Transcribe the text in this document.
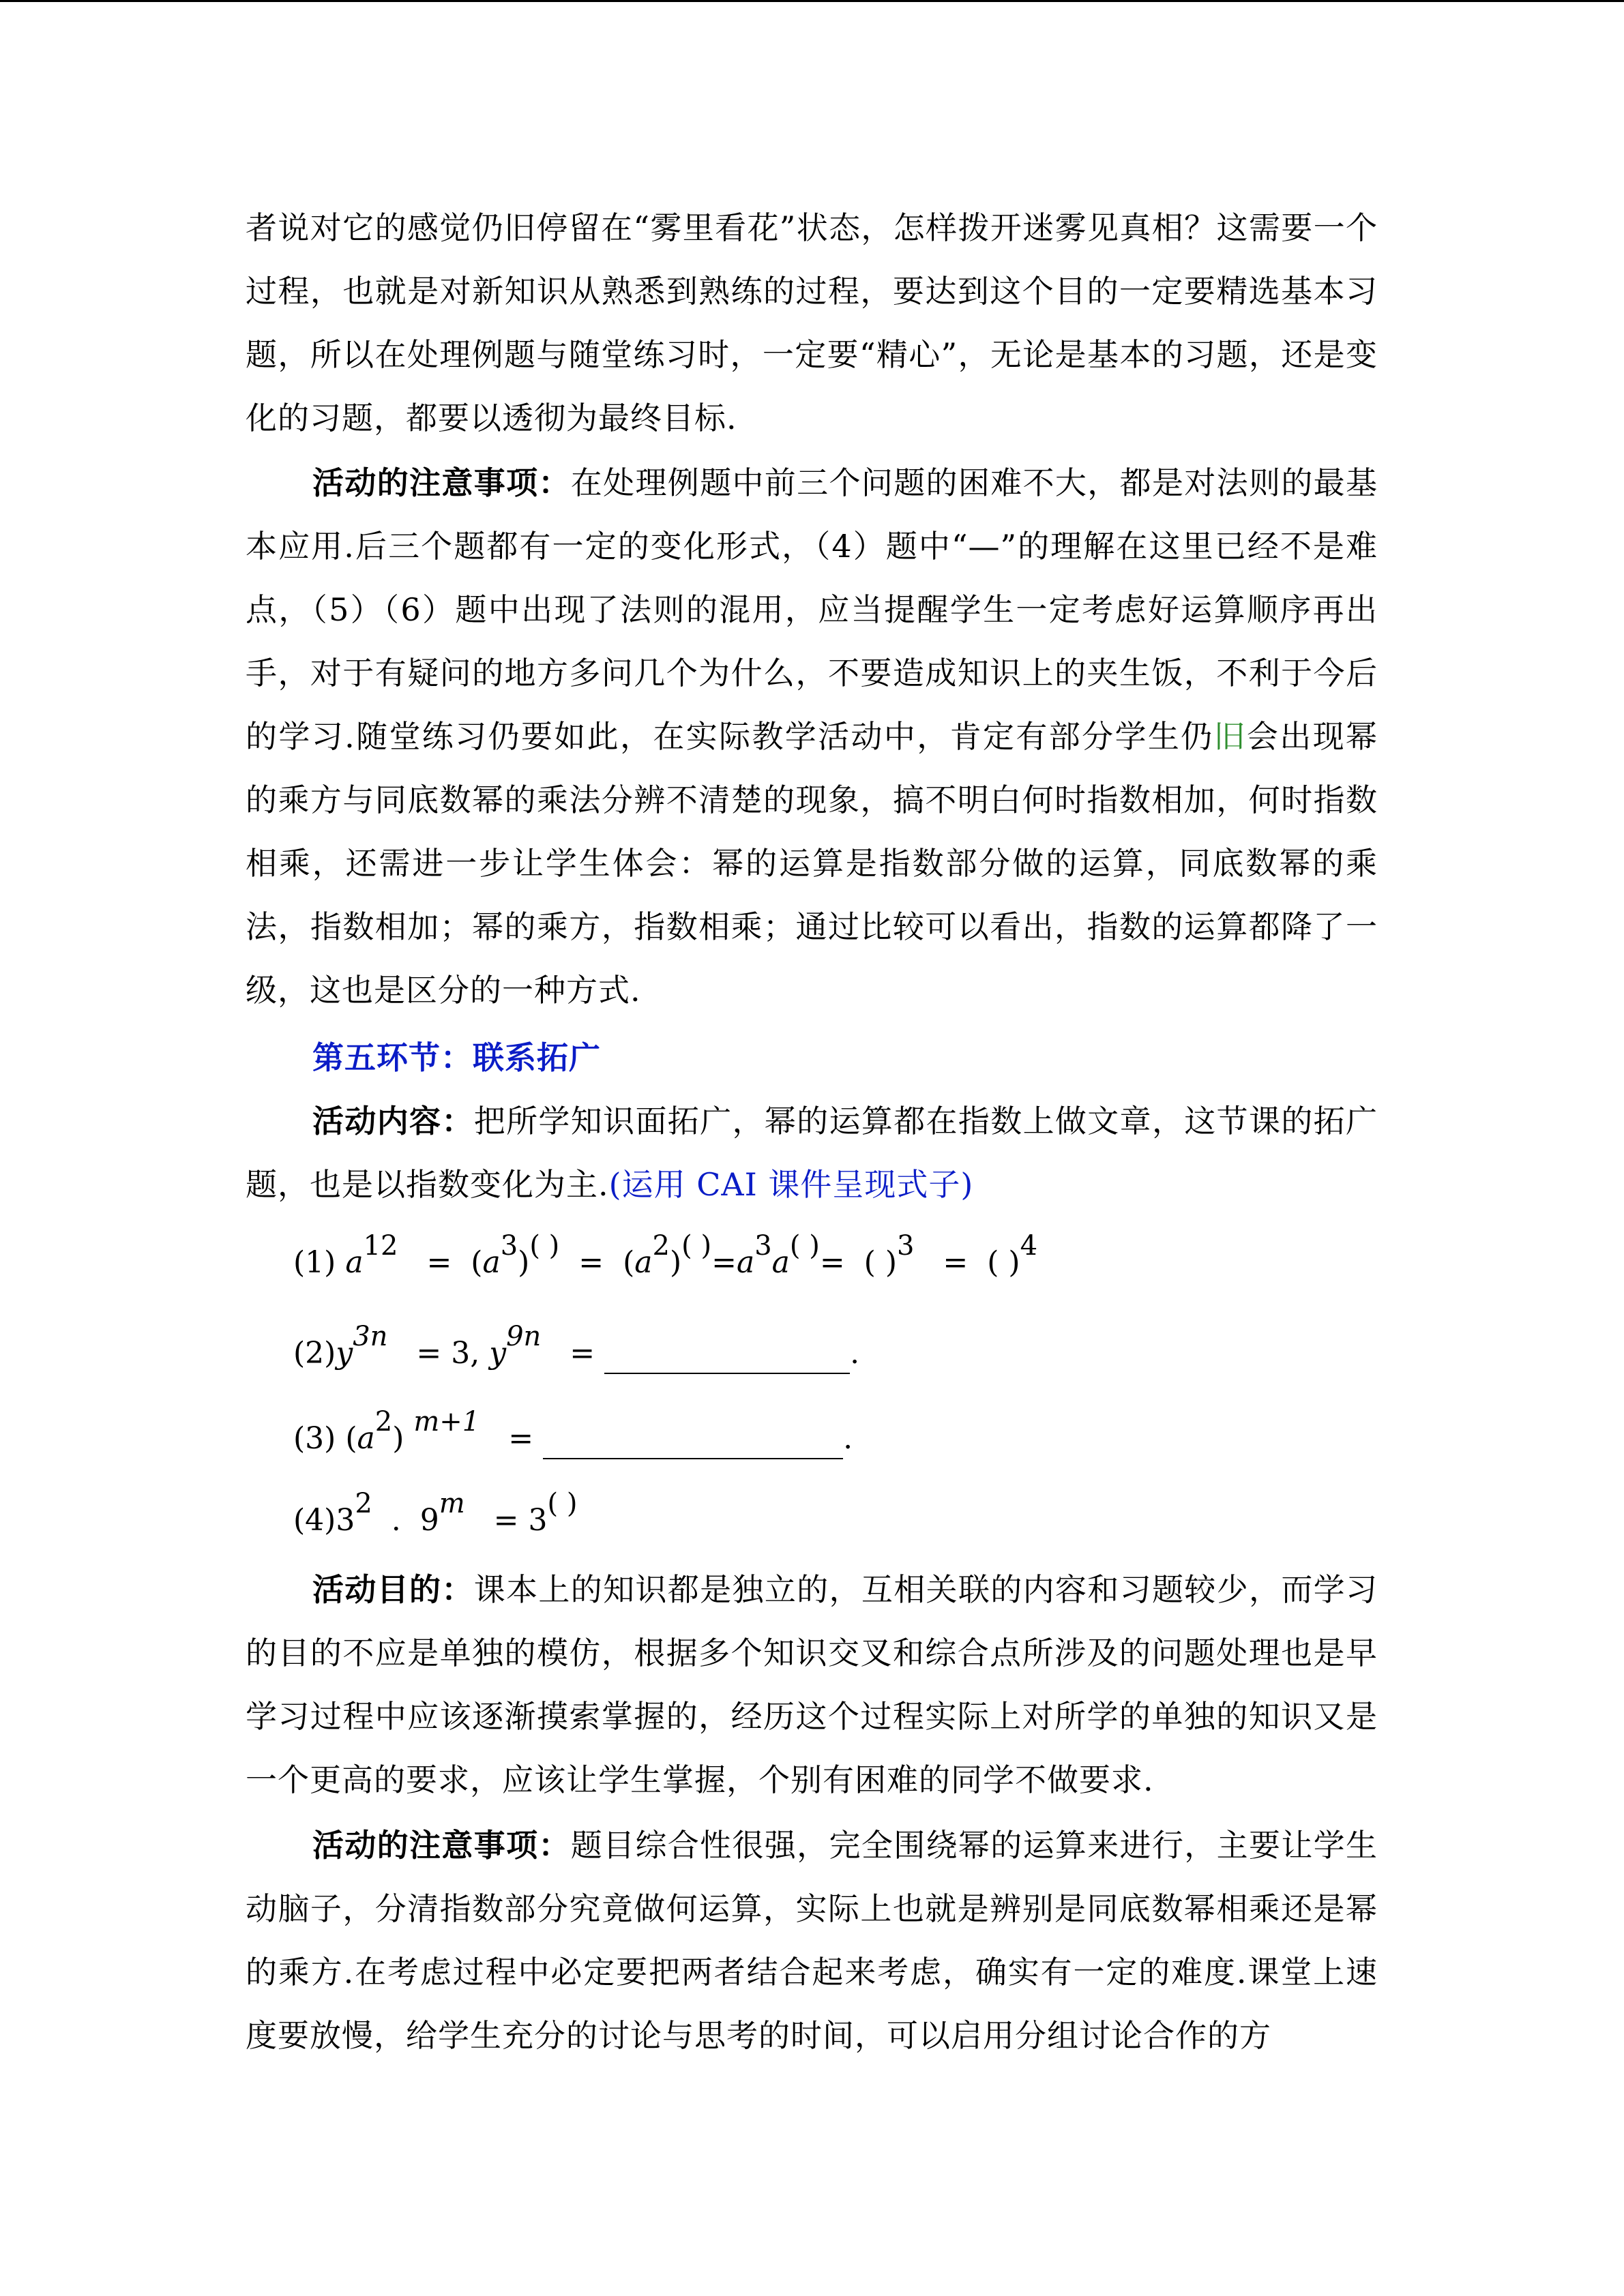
者说对它的感觉仍旧停留在“雾里看花”状态，怎样拨开迷雾见真相？这需要一个过程，也就是对新知识从熟悉到熟练的过程，要达到这个目的一定要精选基本习题，所以在处理例题与随堂练习时，一定要“精心”，无论是基本的习题，还是变化的习题，都要以透彻为最终目标.
活动的注意事项：在处理例题中前三个问题的困难不大，都是对法则的最基本应用.后三个题都有一定的变化形式，（4）题中“—”的理解在这里已经不是难点，（5）（6）题中出现了法则的混用，应当提醒学生一定考虑好运算顺序再出手，对于有疑问的地方多问几个为什么，不要造成知识上的夹生饭，不利于今后的学习.随堂练习仍要如此，在实际教学活动中，肯定有部分学生仍旧会出现幂的乘方与同底数幂的乘法分辨不清楚的现象，搞不明白何时指数相加，何时指数相乘，还需进一步让学生体会：幂的运算是指数部分做的运算，同底数幂的乘法，指数相加；幂的乘方，指数相乘；通过比较可以看出，指数的运算都降了一级，这也是区分的一种方式.
第五环节：联系拓广
活动内容：把所学知识面拓广，幂的运算都在指数上做文章，这节课的拓广题，也是以指数变化为主.(运用 CAI 课件呈现式子)
(1) $a^{12} = (a^3)^{( )} = (a^2)^{( )}=a^3a^{( )}=$ ( )$^3$ = ( )$^4$
$(2)y^{3n} = 3$, $y^{9n}$ =	.
(3) $(a^2) ^{m+1}$ =	.
$(4)3^2$ . $9^m = 3^{( )}$
活动目的：课本上的知识都是独立的，互相关联的内容和习题较少，而学习的目的不应是单独的模仿，根据多个知识交叉和综合点所涉及的问题处理也是早学习过程中应该逐渐摸索掌握的，经历这个过程实际上对所学的单独的知识又是一个更高的要求，应该让学生掌握，个别有困难的同学不做要求.
活动的注意事项：题目综合性很强，完全围绕幂的运算来进行，主要让学生动脑子，分清指数部分究竟做何运算，实际上也就是辨别是同底数幂相乘还是幂的乘方.在考虑过程中必定要把两者结合起来考虑，确实有一定的难度.课堂上速度要放慢，给学生充分的讨论与思考的时间，可以启用分组讨论合作的方
